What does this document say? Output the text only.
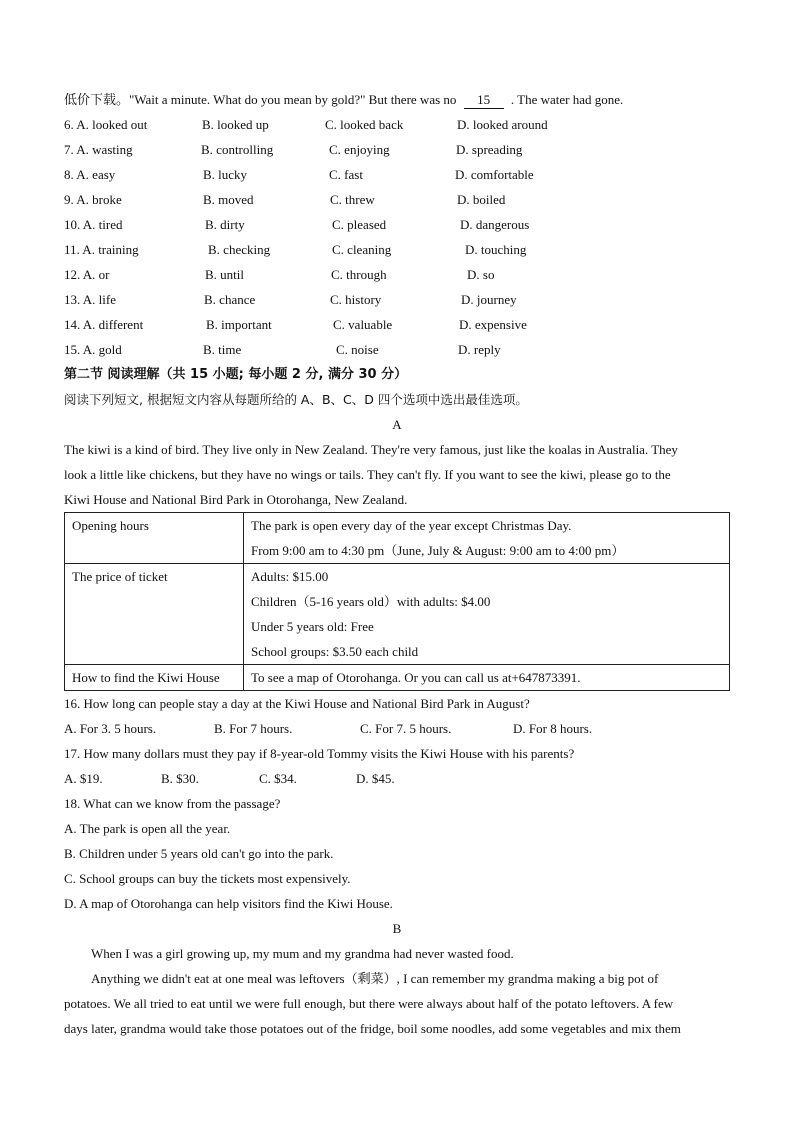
低价下载。"Wait a minute. What do you mean by gold?" But there was no 15 . The water had gone.
6. A. looked out	B. looked up	C. looked back	D. looked around
7. A. wasting	B. controlling	C. enjoying	D. spreading
8. A. easy	B. lucky	C. fast	D. comfortable
9. A. broke	B. moved	C. threw	D. boiled
10. A. tired	B. dirty	C. pleased	D. dangerous
11. A. training	B. checking	C. cleaning	D. touching
12. A. or	B. until	C. through	D. so
13. A. life	B. chance	C. history	D. journey
14. A. different	B. important	C. valuable	D. expensive
15. A. gold	B. time	C. noise	D. reply
第二节 阅读理解（共 15 小题; 每小题 2 分, 满分 30 分）
阅读下列短文, 根据短文内容从每题所给的 A、B、C、D 四个选项中选出最佳选项。
A
The kiwi is a kind of bird. They live only in New Zealand. They're very famous, just like the koalas in Australia. They
look a little like chickens, but they have no wings or tails. They can't fly. If you want to see the kiwi, please go to the
Kiwi House and National Bird Park in Otorohanga, New Zealand.
Opening hours	The park is open every day of the year except Christmas Day.
From 9:00 am to 4:30 pm（June, July & August: 9:00 am to 4:00 pm）

The price of ticket	Adults: $15.00
Children（5-16 years old）with adults: $4.00
Under 5 years old: Free
School groups: $3.50 each child

How to find the Kiwi House	To see a map of Otorohanga. Or you can call us at+647873391.
16. How long can people stay a day at the Kiwi House and National Bird Park in August?
A. For 3. 5 hours.	B. For 7 hours.	C. For 7. 5 hours.	D. For 8 hours.
17. How many dollars must they pay if 8-year-old Tommy visits the Kiwi House with his parents?
A. $19.	B. $30.	C. $34.	D. $45.
18. What can we know from the passage?
A. The park is open all the year.
B. Children under 5 years old can't go into the park.
C. School groups can buy the tickets most expensively.
D. A map of Otorohanga can help visitors find the Kiwi House.
B
When I was a girl growing up, my mum and my grandma had never wasted food.
Anything we didn't eat at one meal was leftovers（剩菜）, I can remember my grandma making a big pot of
potatoes. We all tried to eat until we were full enough, but there were always about half of the potato leftovers. A few
days later, grandma would take those potatoes out of the fridge, boil some noodles, add some vegetables and mix them
